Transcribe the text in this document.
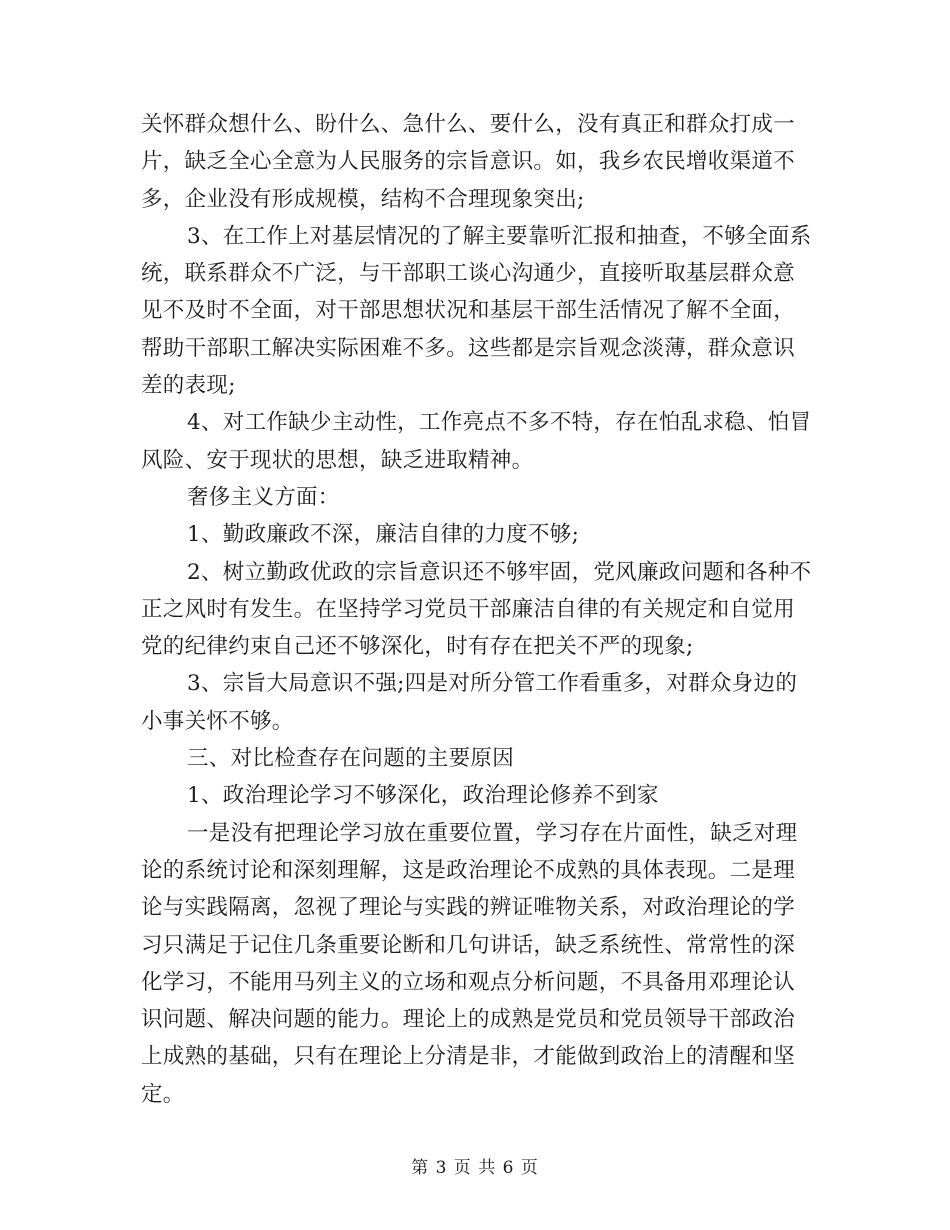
关怀群众想什么、盼什么、急什么、要什么，没有真正和群众打成一
片，缺乏全心全意为人民服务的宗旨意识。如，我乡农民增收渠道不
多，企业没有形成规模，结构不合理现象突出;
3、在工作上对基层情况的了解主要靠听汇报和抽查，不够全面系
统，联系群众不广泛，与干部职工谈心沟通少，直接听取基层群众意
见不及时不全面，对干部思想状况和基层干部生活情况了解不全面，
帮助干部职工解决实际困难不多。这些都是宗旨观念淡薄，群众意识
差的表现;
4、对工作缺少主动性，工作亮点不多不特，存在怕乱求稳、怕冒
风险、安于现状的思想，缺乏进取精神。
奢侈主义方面：
1、勤政廉政不深，廉洁自律的力度不够;
2、树立勤政优政的宗旨意识还不够牢固，党风廉政问题和各种不
正之风时有发生。在坚持学习党员干部廉洁自律的有关规定和自觉用
党的纪律约束自己还不够深化，时有存在把关不严的现象;
3、宗旨大局意识不强;四是对所分管工作看重多，对群众身边的
小事关怀不够。
三、对比检查存在问题的主要原因
1、政治理论学习不够深化，政治理论修养不到家
一是没有把理论学习放在重要位置，学习存在片面性，缺乏对理
论的系统讨论和深刻理解，这是政治理论不成熟的具体表现。二是理
论与实践隔离，忽视了理论与实践的辨证唯物关系，对政治理论的学
习只满足于记住几条重要论断和几句讲话，缺乏系统性、常常性的深
化学习，不能用马列主义的立场和观点分析问题，不具备用邓理论认
识问题、解决问题的能力。理论上的成熟是党员和党员领导干部政治
上成熟的基础，只有在理论上分清是非，才能做到政治上的清醒和坚
定。
第 3 页 共 6 页
